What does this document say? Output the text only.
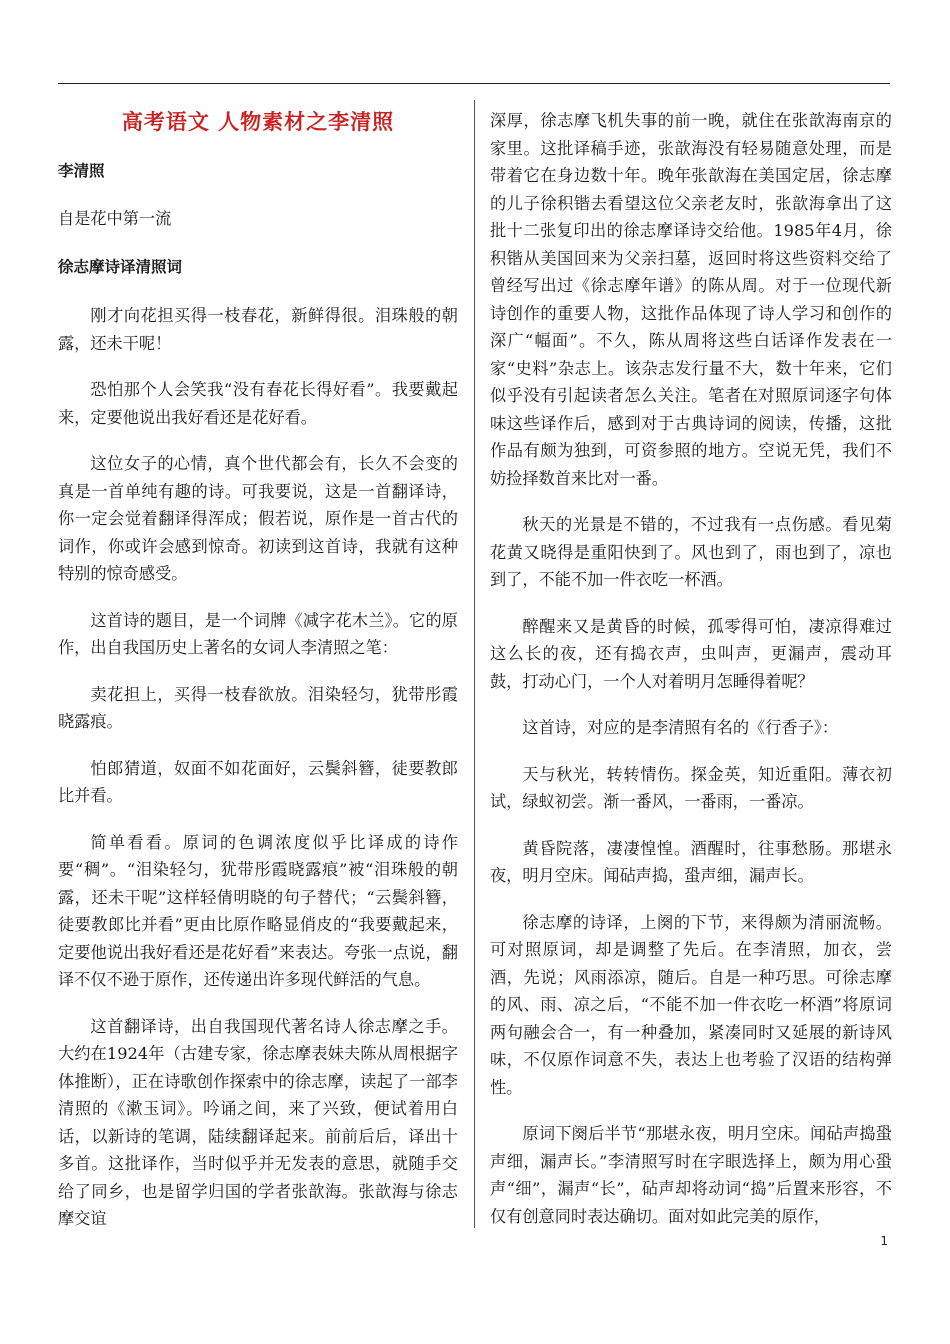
高考语文 人物素材之李清照
李清照
自是花中第一流
徐志摩诗译清照词

刚才向花担买得一枝春花，新鲜得很。泪珠般的朝露，还未干呢！

恐怕那个人会笑我“没有春花长得好看”。我要戴起来，定要他说出我好看还是花好看。

这位女子的心情，真个世代都会有，长久不会变的真是一首单纯有趣的诗。可我要说，这是一首翻译诗，你一定会觉着翻译得浑成；假若说，原作是一首古代的词作，你或许会感到惊奇。初读到这首诗，我就有这种特别的惊奇感受。

这首诗的题目，是一个词牌《减字花木兰》。它的原作，出自我国历史上著名的女词人李清照之笔：

卖花担上，买得一枝春欲放。泪染轻匀，犹带彤霞晓露痕。

怕郎猜道，奴面不如花面好，云鬓斜簪，徒要教郎比并看。

简单看看。原词的色调浓度似乎比译成的诗作要“稠”。“泪染轻匀，犹带彤霞晓露痕”被“泪珠般的朝露，还未干呢”这样轻倩明晓的句子替代；“云鬓斜簪，徒要教郎比并看”更由比原作略显俏皮的“我要戴起来，定要他说出我好看还是花好看”来表达。夸张一点说，翻译不仅不逊于原作，还传递出许多现代鲜活的气息。

这首翻译诗，出自我国现代著名诗人徐志摩之手。大约在1924年（古建专家，徐志摩表妹夫陈从周根据字体推断），正在诗歌创作探索中的徐志摩，读起了一部李清照的《漱玉词》。吟诵之间，来了兴致，便试着用白话，以新诗的笔调，陆续翻译起来。前前后后，译出十多首。这批译作，当时似乎并无发表的意思，就随手交给了同乡，也是留学归国的学者张歆海。张歆海与徐志摩交谊

深厚，徐志摩飞机失事的前一晚，就住在张歆海南京的家里。这批译稿手迹，张歆海没有轻易随意处理，而是带着它在身边数十年。晚年张歆海在美国定居，徐志摩的儿子徐积锴去看望这位父亲老友时，张歆海拿出了这批十二张复印出的徐志摩译诗交给他。1985年4月，徐积锴从美国回来为父亲扫墓，返回时将这些资料交给了曾经写出过《徐志摩年谱》的陈从周。对于一位现代新诗创作的重要人物，这批作品体现了诗人学习和创作的深广“幅面”。不久，陈从周将这些白话译作发表在一家“史料”杂志上。该杂志发行量不大，数十年来，它们似乎没有引起读者怎么关注。笔者在对照原词逐字句体味这些译作后，感到对于古典诗词的阅读，传播，这批作品有颇为独到，可资参照的地方。空说无凭，我们不妨捡择数首来比对一番。

秋天的光景是不错的，不过我有一点伤感。看见菊花黄又晓得是重阳快到了。风也到了，雨也到了，凉也到了，不能不加一件衣吃一杯酒。

醉醒来又是黄昏的时候，孤零得可怕，凄凉得难过这么长的夜，还有捣衣声，虫叫声，更漏声，震动耳鼓，打动心门，一个人对着明月怎睡得着呢？

这首诗，对应的是李清照有名的《行香子》：

天与秋光，转转情伤。探金英，知近重阳。薄衣初试，绿蚁初尝。渐一番风，一番雨，一番凉。

黄昏院落，凄凄惶惶。酒醒时，往事愁肠。那堪永夜，明月空床。闻砧声捣，蛩声细，漏声长。

徐志摩的诗译，上阕的下节，来得颇为清丽流畅。可对照原词，却是调整了先后。在李清照，加衣，尝酒，先说；风雨添凉，随后。自是一种巧思。可徐志摩的风、雨、凉之后，“不能不加一件衣吃一杯酒”将原词两句融会合一，有一种叠加，紧凑同时又延展的新诗风味，不仅原作词意不失，表达上也考验了汉语的结构弹性。

原词下阕后半节“那堪永夜，明月空床。闻砧声捣蛩声细，漏声长。”李清照写时在字眼选择上，颇为用心蛩声“细”，漏声“长”，砧声却将动词“捣”后置来形容，不仅有创意同时表达确切。面对如此完美的原作，

1
